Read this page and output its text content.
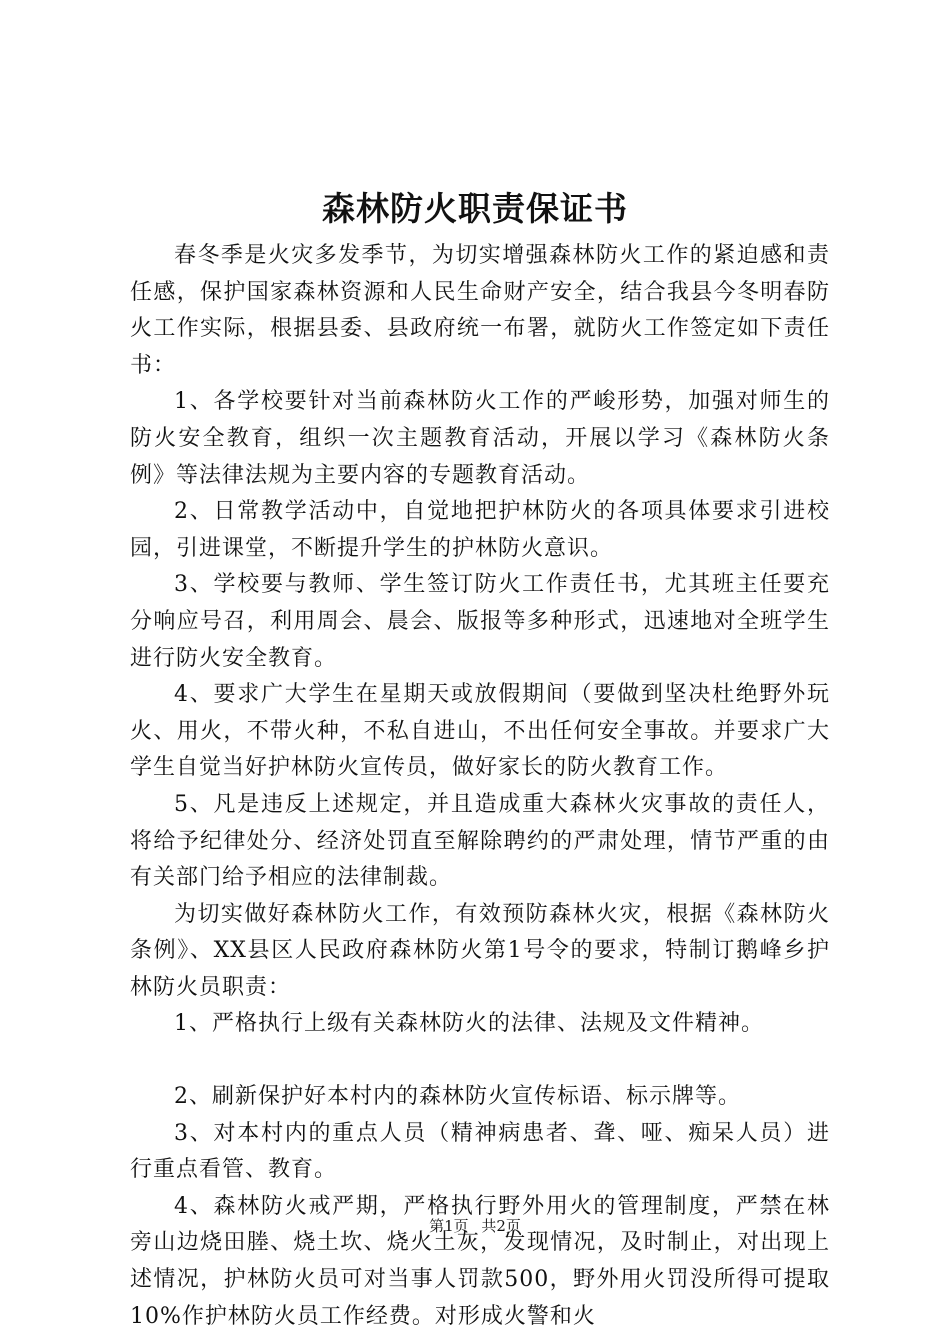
森林防火职责保证书

春冬季是火灾多发季节，为切实增强森林防火工作的紧迫感和责任感，保护国家森林资源和人民生命财产安全，结合我县今冬明春防火工作实际，根据县委、县政府统一布署，就防火工作签定如下责任书：

1、各学校要针对当前森林防火工作的严峻形势，加强对师生的防火安全教育，组织一次主题教育活动，开展以学习《森林防火条例》等法律法规为主要内容的专题教育活动。

2、日常教学活动中，自觉地把护林防火的各项具体要求引进校园，引进课堂，不断提升学生的护林防火意识。

3、学校要与教师、学生签订防火工作责任书，尤其班主任要充分响应号召，利用周会、晨会、版报等多种形式，迅速地对全班学生进行防火安全教育。

4、要求广大学生在星期天或放假期间（要做到坚决杜绝野外玩火、用火，不带火种，不私自进山，不出任何安全事故。并要求广大学生自觉当好护林防火宣传员，做好家长的防火教育工作。

5、凡是违反上述规定，并且造成重大森林火灾事故的责任人，将给予纪律处分、经济处罚直至解除聘约的严肃处理，情节严重的由有关部门给予相应的法律制裁。

为切实做好森林防火工作，有效预防森林火灾，根据《森林防火条例》、XX县区人民政府森林防火第1号令的要求，特制订鹅峰乡护林防火员职责：

1、严格执行上级有关森林防火的法律、法规及文件精神。

2、刷新保护好本村内的森林防火宣传标语、标示牌等。

3、对本村内的重点人员（精神病患者、聋、哑、痴呆人员）进行重点看管、教育。

4、森林防火戒严期，严格执行野外用火的管理制度，严禁在林旁山边烧田塍、烧土坎、烧火土灰，发现情况，及时制止，对出现上述情况，护林防火员可对当事人罚款500，野外用火罚没所得可提取10%作护林防火员工作经费。对形成火警和火

第1页 共2页
